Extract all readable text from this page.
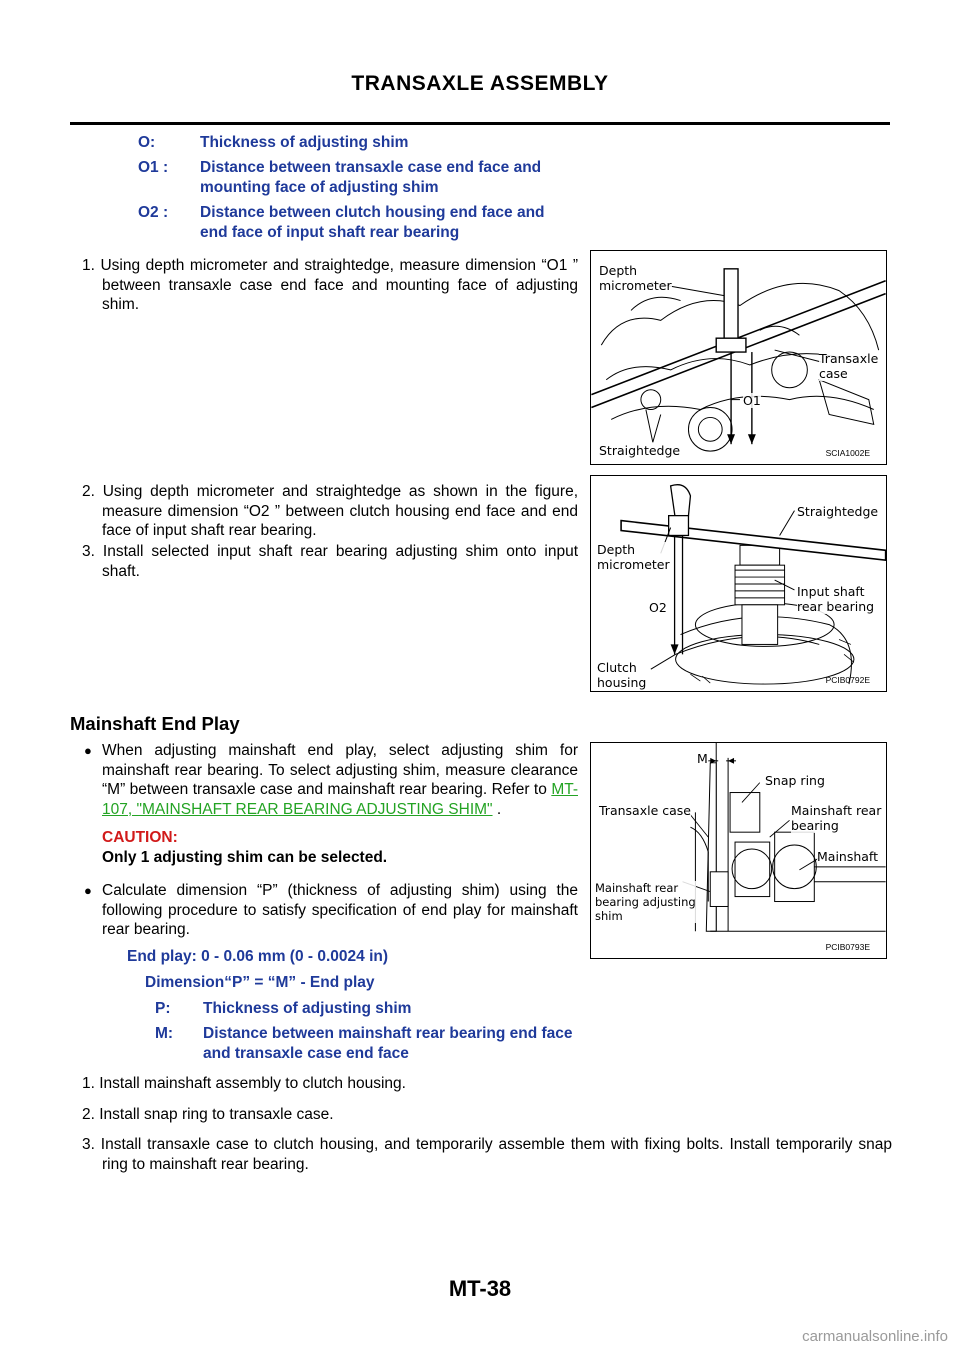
TRANSAXLE ASSEMBLY
O:	Thickness of adjusting shim
O1 : Distance between transaxle case end face and mounting face of adjusting shim
O2 : Distance between clutch housing end face and end face of input shaft rear bearing
1. Using depth micrometer and straightedge, measure dimension “O1 ” between transaxle case end face and mounting face of adjusting shim.
2. Using depth micrometer and straightedge as shown in the figure, measure dimension “O2 ” between clutch housing end face and end face of input shaft rear bearing.
3. Install selected input shaft rear bearing adjusting shim onto input shaft.
Depth
micrometer
Transaxle
case
O1
Straightedge	SCIA1002E
Straightedge
Depth
micrometer
Input shaft
rear bearing
O2
Clutch
housing	PCIB0792E
Mainshaft End Play
● When adjusting mainshaft end play, select adjusting shim for mainshaft rear bearing. To select adjusting shim, measure clearance “M” between transaxle case and mainshaft rear bearing. Refer to MT-107, "MAINSHAFT REAR BEARING ADJUSTING SHIM" .
CAUTION:
Only 1 adjusting shim can be selected.
● Calculate dimension “P” (thickness of adjusting shim) using the following procedure to satisfy specification of end play for mainshaft rear bearing.
M
Snap ring
Transaxle case	Mainshaft rear
bearing
Mainshaft
Mainshaft rear
bearing adjusting
shim
PCIB0793E
End play: 0 - 0.06 mm (0 - 0.0024 in)
Dimension“P” = “M” - End play
P: Thickness of adjusting shim
M: Distance between mainshaft rear bearing end face and transaxle case end face
1. Install mainshaft assembly to clutch housing.
2. Install snap ring to transaxle case.
3. Install transaxle case to clutch housing, and temporarily assemble them with fixing bolts. Install temporarily snap ring to mainshaft rear bearing.
MT-38
carmanualsonline.info
